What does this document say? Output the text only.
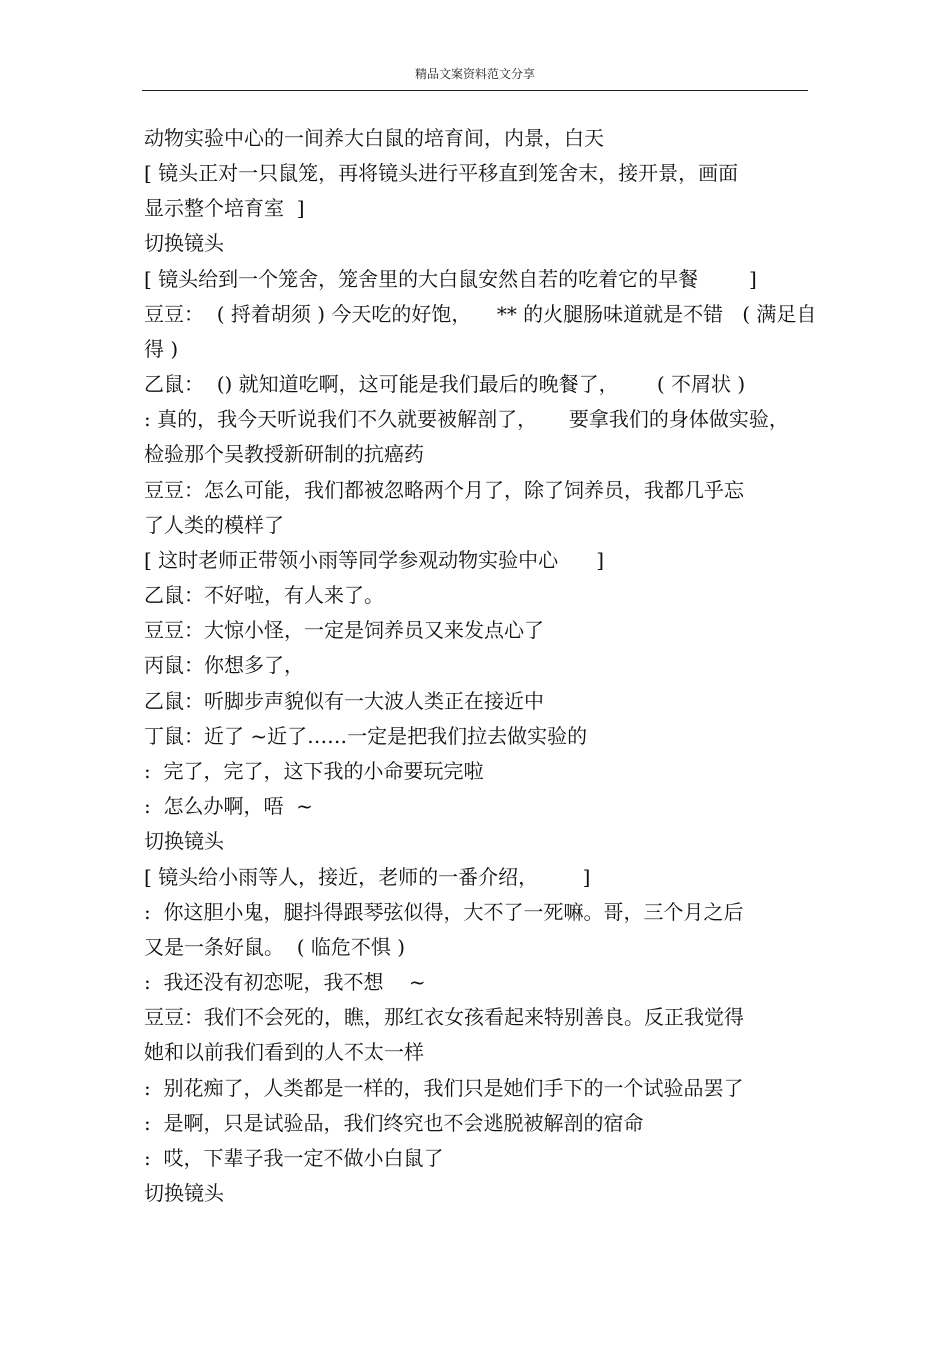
精品文案资料范文分享
动物实验中心的一间养大白鼠的培育间，内景，白天
[ 镜头正对一只鼠笼，再将镜头进行平移直到笼舍末，接开景，画面
显示整个培育室  ]
切换镜头
[ 镜头给到一个笼舍，笼舍里的大白鼠安然自若的吃着它的早餐        ]
豆豆：  ( 捋着胡须 ) 今天吃的好饱，    ** 的火腿肠味道就是不错   ( 满足自
得 )
乙鼠：  () 就知道吃啊，这可能是我们最后的晚餐了，      ( 不屑状 )
: 真的，我今天听说我们不久就要被解剖了，     要拿我们的身体做实验，
检验那个吴教授新研制的抗癌药
豆豆：怎么可能，我们都被忽略两个月了，除了饲养员，我都几乎忘
了人类的模样了
[ 这时老师正带领小雨等同学参观动物实验中心      ]
乙鼠：不好啦，有人来了。
豆豆：大惊小怪，一定是饲养员又来发点心了
丙鼠：你想多了，
乙鼠：听脚步声貌似有一大波人类正在接近中
丁鼠：近了 ~近了……一定是把我们拉去做实验的
:  完了，完了，这下我的小命要玩完啦
:  怎么办啊，唔  ~
切换镜头
[ 镜头给小雨等人，接近，老师的一番介绍，       ]
:  你这胆小鬼，腿抖得跟琴弦似得，大不了一死嘛。哥，三个月之后
又是一条好鼠。  ( 临危不惧 )
:  我还没有初恋呢，我不想    ~
豆豆：我们不会死的，瞧，那红衣女孩看起来特别善良。反正我觉得
她和以前我们看到的人不太一样
:  别花痴了，人类都是一样的，我们只是她们手下的一个试验品罢了
:  是啊，只是试验品，我们终究也不会逃脱被解剖的宿命
:  哎，下辈子我一定不做小白鼠了
切换镜头
